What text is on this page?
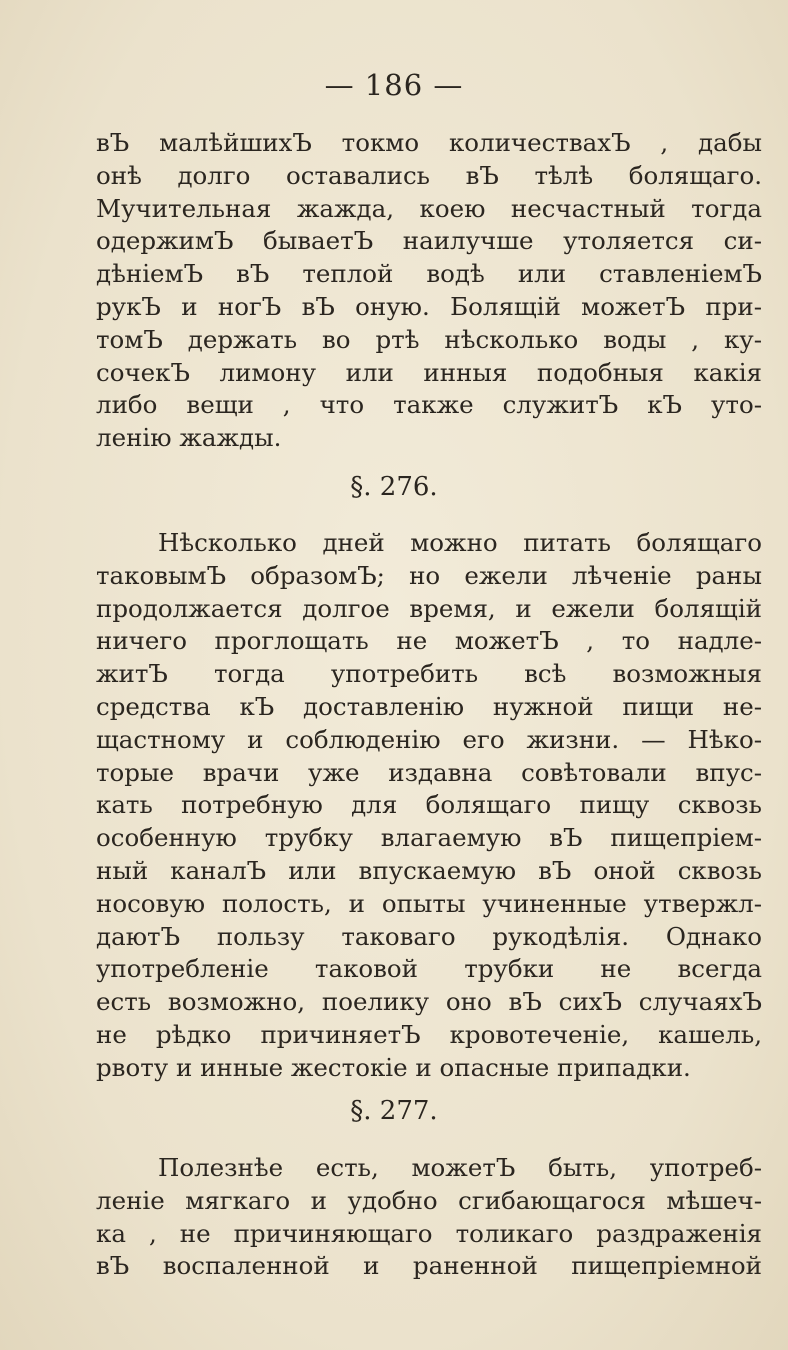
— 186 —
вЪ малѣйшихЪ токмо количествахЪ , дабы
онѣ долго оставались вЪ тѣлѣ болящаго.
Мучительная жажда, коею несчастный тогда
одержимЪ бываетЪ наилучше утоляется си-
дѣніемЪ вЪ теплой водѣ или ставленіемЪ
рукЪ и ногЪ вЪ оную. Болящій можетЪ при-
томЪ держать во ртѣ нѣсколько воды , ку-
сочекЪ лимону или инныя подобныя какія
либо вещи , что также служитЪ кЪ уто-
ленію жажды.
§. 276.
Нѣсколько дней можно питать болящаго
таковымЪ образомЪ; но ежели лѣченіе раны
продолжается долгое время, и ежели болящій
ничего проглощать не можетЪ , то надле-
житЪ тогда употребить всѣ возможныя
средства кЪ доставленію нужной пищи не-
щастному и соблюденію его жизни. — Нѣко-
торые врачи уже издавна совѣтовали впус-
кать потребную для болящаго пищу сквозь
особенную трубку влагаемую вЪ пищепріем-
ный каналЪ или впускаемую вЪ оной сквозь
носовую полость, и опыты учиненные утвержл-
даютЪ пользу таковаго рукодѣлія. Однако
употребленіе таковой трубки не всегда
есть возможно, поелику оно вЪ сихЪ случаяхЪ
не рѣдко причиняетЪ кровотеченіе, кашель,
рвоту и инные жестокіе и опасные припадки.
§. 277.
Полезнѣе есть, можетЪ быть, употреб-
леніе мягкаго и удобно сгибающагося мѣшеч-
ка , не причиняющаго толикаго раздраженія
вЪ воспаленной и раненной пищепріемной
